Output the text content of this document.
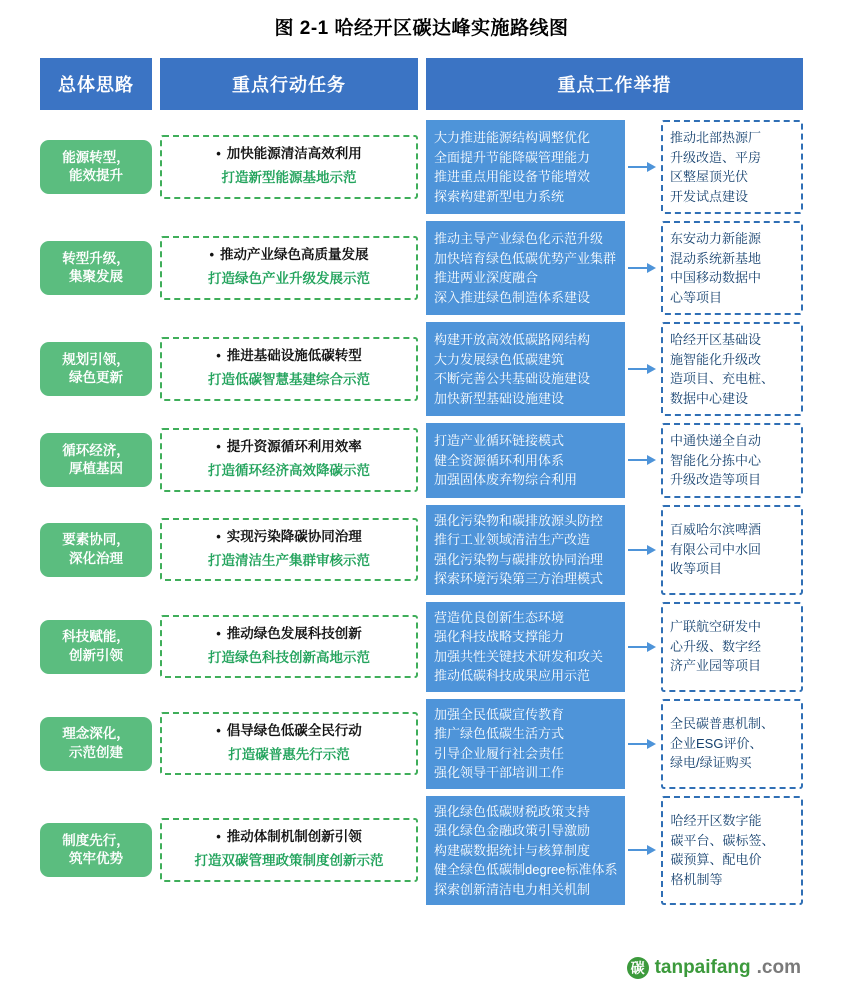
图 2-1 哈经开区碳达峰实施路线图
总体思路	重点行动任务	重点工作举措
能源转型，
能效提升
• 加快能源清洁高效利用
打造新型能源基地示范
大力推进能源结构调整优化
全面提升节能降碳管理能力
推进重点用能设备节能增效
探索构建新型电力系统
推动北部热源厂
升级改造、平房
区整屋顶光伏
开发试点建设
转型升级，
集聚发展
• 推动产业绿色高质量发展
打造绿色产业升级发展示范
推动主导产业绿色化示范升级
加快培育绿色低碳优势产业集群
推进两业深度融合
深入推进绿色制造体系建设
东安动力新能源
混动系统新基地
中国移动数据中
心等项目
规划引领，
绿色更新
• 推进基础设施低碳转型
打造低碳智慧基建综合示范
构建开放高效低碳路网结构
大力发展绿色低碳建筑
不断完善公共基础设施建设
加快新型基础设施建设
哈经开区基础设
施智能化升级改
造项目、充电桩、
数据中心建设
循环经济，
厚植基因
• 提升资源循环利用效率
打造循环经济高效降碳示范
打造产业循环链接模式
健全资源循环利用体系
加强固体废弃物综合利用
中通快递全自动
智能化分拣中心
升级改造等项目
要素协同，
深化治理
• 实现污染降碳协同治理
打造清洁生产集群审核示范
强化污染物和碳排放源头防控
推行工业领域清洁生产改造
强化污染物与碳排放协同治理
探索环境污染第三方治理模式
百威哈尔滨啤酒
有限公司中水回
收等项目
科技赋能，
创新引领
• 推动绿色发展科技创新
打造绿色科技创新高地示范
营造优良创新生态环境
强化科技战略支撑能力
加强共性关键技术研发和攻关
推动低碳科技成果应用示范
广联航空研发中
心升级、数字经
济产业园等项目
理念深化，
示范创建
• 倡导绿色低碳全民行动
打造碳普惠先行示范
加强全民低碳宣传教育
推广绿色低碳生活方式
引导企业履行社会责任
强化领导干部培训工作
全民碳普惠机制、
企业ESG评价、
绿电/绿证购买
制度先行，
筑牢优势
• 推动体制机制创新引领
打造双碳管理政策制度创新示范
强化绿色低碳财税政策支持
强化绿色金融政策引导激励
构建碳数据统计与核算制度
健全绿色低碳制degree标准体系
探索创新清洁电力相关机制
哈经开区数字能
碳平台、碳标签、
碳预算、配电价
格机制等
碳 tanpaifang .com
